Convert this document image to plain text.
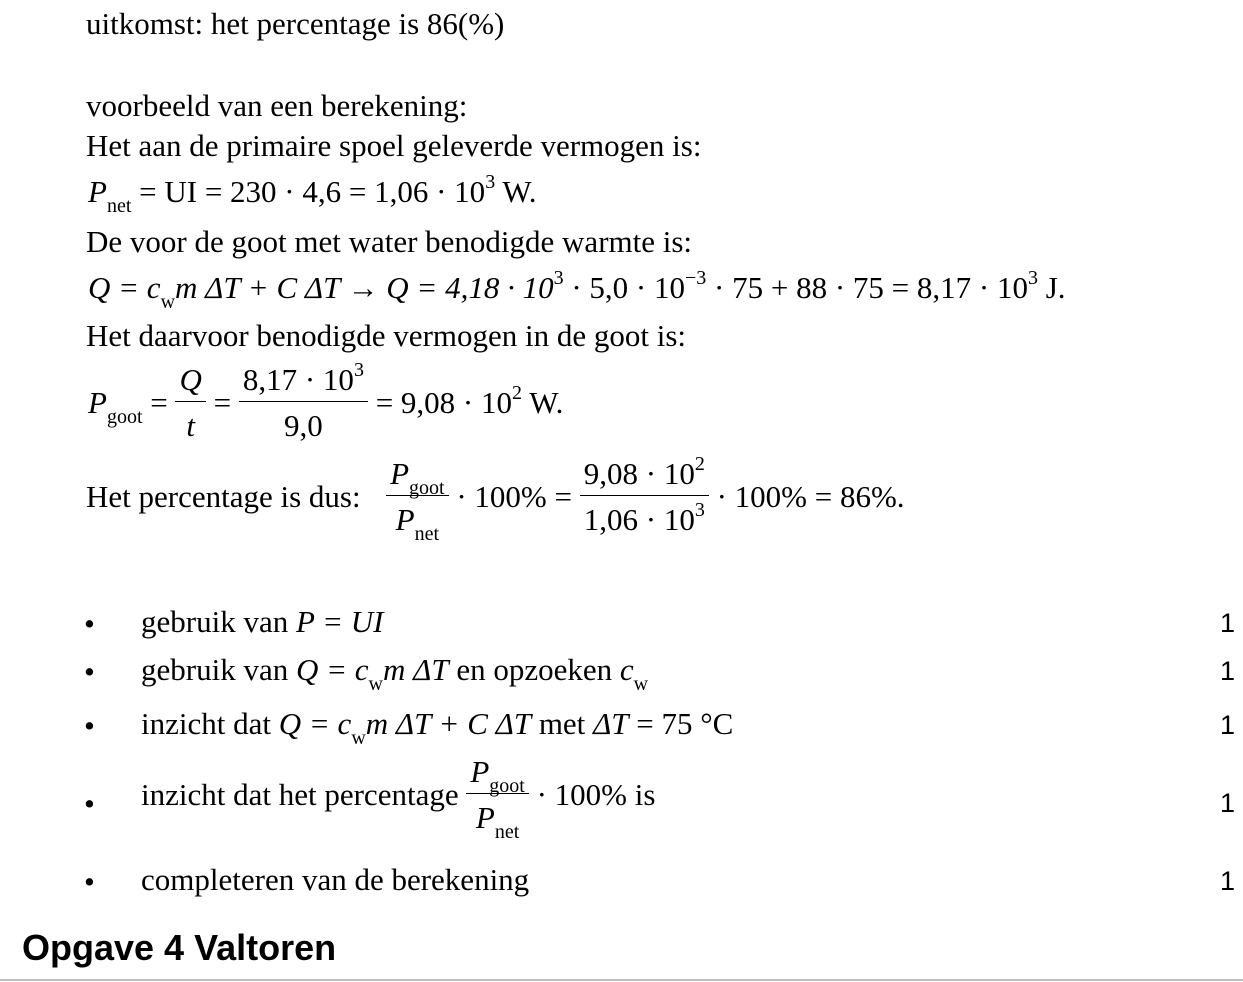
uitkomst: het percentage is 86(%)
voorbeeld van een berekening:
Het aan de primaire spoel geleverde vermogen is:
$P_{net}$ = UI = $230 \cdot 4,6 = 1,06 \cdot 10^3$ W.
De voor de goot met water benodigde warmte is:
$Q = c_wm$ ΔT + C $\Delta T \to Q = 4,18 \cdot 10^3 \cdot 5,0 \cdot 10^{-3} \cdot 75 + 88 \cdot 75 = 8,17 \cdot 10^3$ J.
Het daarvoor benodigde vermogen in de goot is:
$P_{goot} = \frac{Q}{t} = \frac{8,17 \cdot 10^3}{9,0} = 9,08 \cdot 10^2$ W.
Het percentage is dus: $\frac{P_{goot}}{P_{net}} \cdot 100\% = \frac{9,08 \cdot 10^2}{1,06 \cdot 10^3} \cdot 100\% = 86\%$.
• gebruik van P = UI	1
• gebruik van $Q = c_wm$ ΔT en opzoeken $c_w$	1
• inzicht dat $Q = c_wm$ ΔT + C ΔT met ΔT = 75 °C	1
• inzicht dat het percentage $\frac{P_{goot}}{P_{net}} \cdot 100\%$ is	1
• completeren van de berekening	1
Opgave 4 Valtoren
